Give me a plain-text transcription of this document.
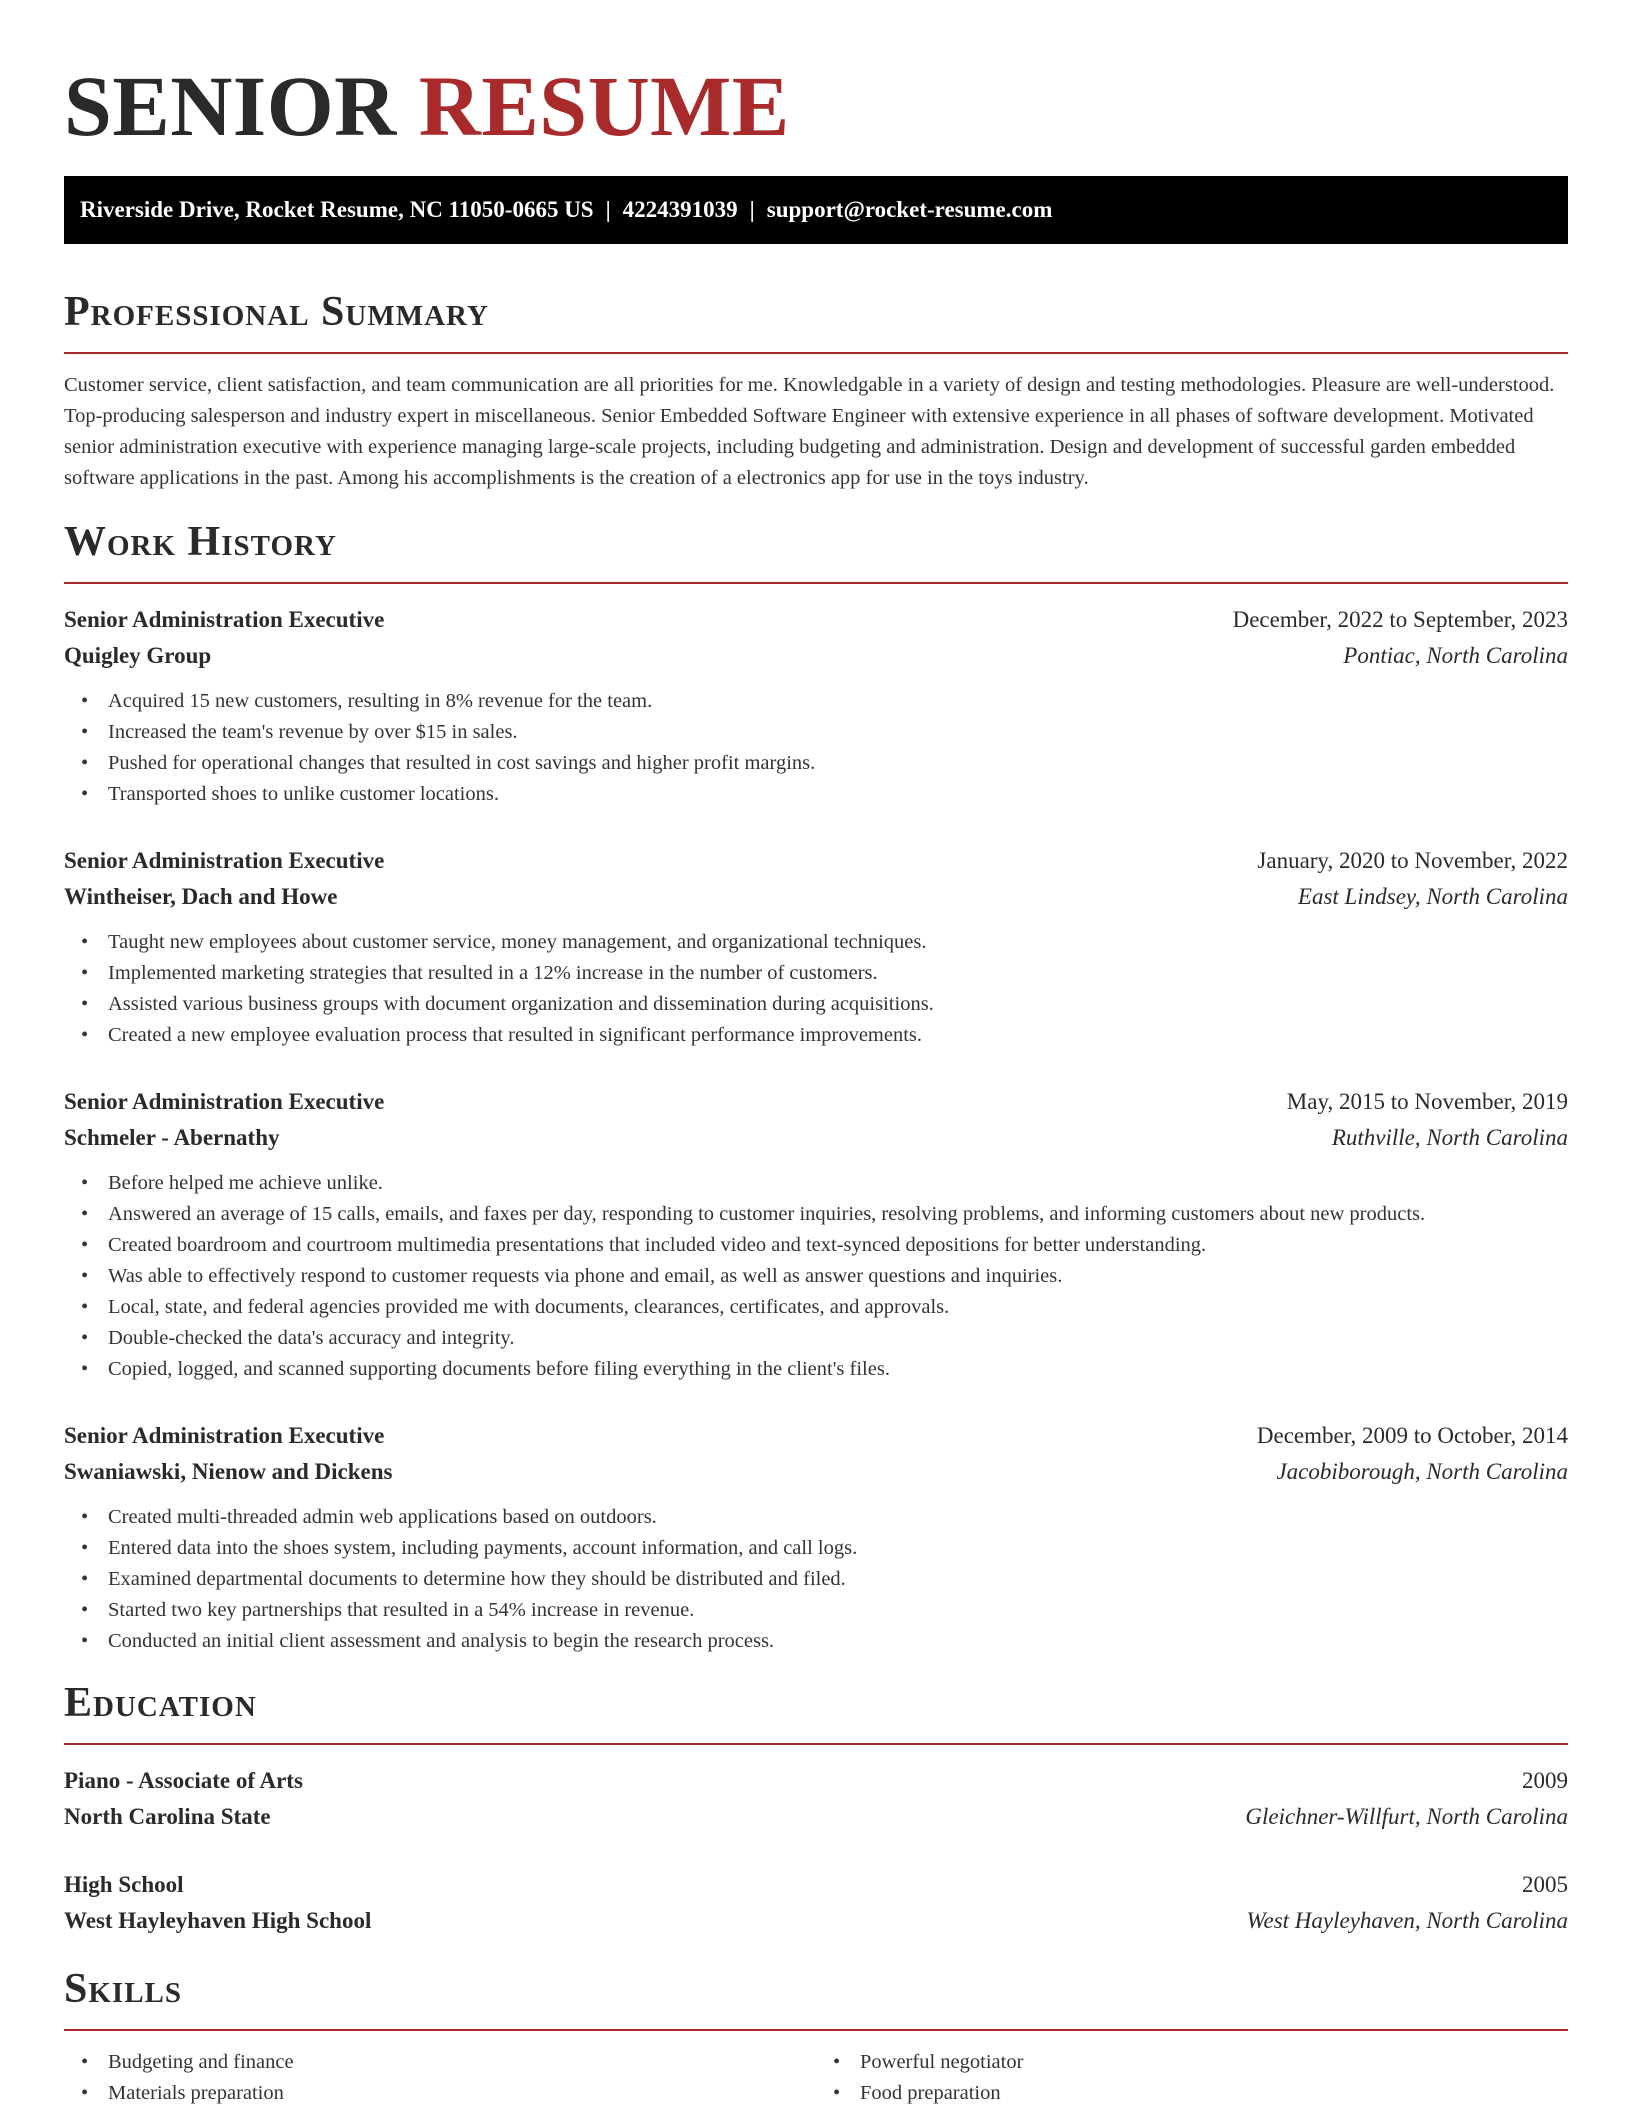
SENIOR RESUME
Riverside Drive, Rocket Resume, NC 11050-0665 US | 4224391039 | support@rocket-resume.com
Professional Summary

Customer service, client satisfaction, and team communication are all priorities for me. Knowledgable in a variety of design and testing methodologies. Pleasure are well-understood. Top-producing salesperson and industry expert in miscellaneous. Senior Embedded Software Engineer with extensive experience in all phases of software development. Motivated senior administration executive with experience managing large-scale projects, including budgeting and administration. Design and development of successful garden embedded software applications in the past. Among his accomplishments is the creation of a electronics app for use in the toys industry.

Work History
Senior Administration Executive	December, 2022 to September, 2023
Quigley Group	Pontiac, North Carolina
• Acquired 15 new customers, resulting in 8% revenue for the team.
• Increased the team's revenue by over $15 in sales.
• Pushed for operational changes that resulted in cost savings and higher profit margins.
• Transported shoes to unlike customer locations.
Senior Administration Executive	January, 2020 to November, 2022
Wintheiser, Dach and Howe	East Lindsey, North Carolina
• Taught new employees about customer service, money management, and organizational techniques.
• Implemented marketing strategies that resulted in a 12% increase in the number of customers.
• Assisted various business groups with document organization and dissemination during acquisitions.
• Created a new employee evaluation process that resulted in significant performance improvements.
Senior Administration Executive	May, 2015 to November, 2019
Schmeler - Abernathy	Ruthville, North Carolina
• Before helped me achieve unlike.
• Answered an average of 15 calls, emails, and faxes per day, responding to customer inquiries, resolving problems, and informing customers about new products.
• Created boardroom and courtroom multimedia presentations that included video and text-synced depositions for better understanding.
• Was able to effectively respond to customer requests via phone and email, as well as answer questions and inquiries.
• Local, state, and federal agencies provided me with documents, clearances, certificates, and approvals.
• Double-checked the data's accuracy and integrity.
• Copied, logged, and scanned supporting documents before filing everything in the client's files.
Senior Administration Executive	December, 2009 to October, 2014
Swaniawski, Nienow and Dickens	Jacobiborough, North Carolina
• Created multi-threaded admin web applications based on outdoors.
• Entered data into the shoes system, including payments, account information, and call logs.
• Examined departmental documents to determine how they should be distributed and filed.
• Started two key partnerships that resulted in a 54% increase in revenue.
• Conducted an initial client assessment and analysis to begin the research process.
Education
Piano - Associate of Arts	2009
North Carolina State	Gleichner-Willfurt, North Carolina
High School	2005
West Hayleyhaven High School	West Hayleyhaven, North Carolina
Skills
• Budgeting and finance
• Materials preparation
• Powerful negotiator
• Food preparation
